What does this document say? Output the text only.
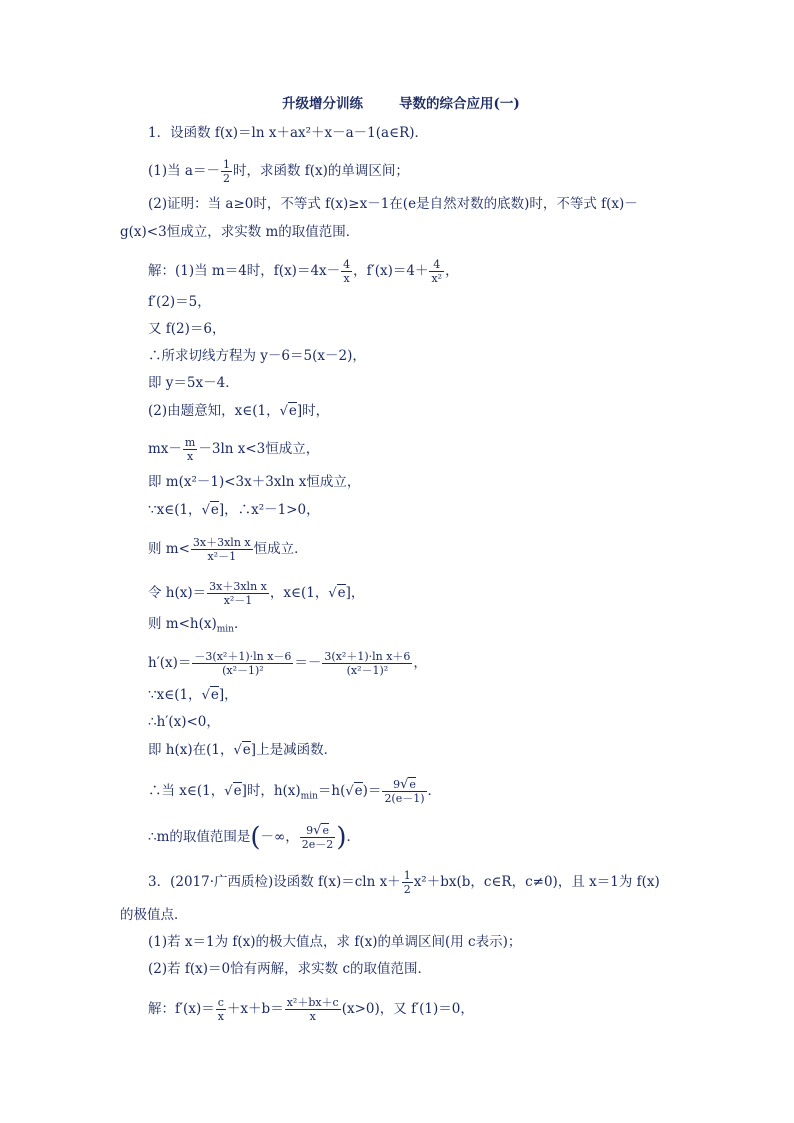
升级增分训练	导数的综合应用(一)
1．设函数 f(x)＝ln x＋ax²＋x－a－1(a∈R)．
(1)当 $a=- \frac{1}{2}$ 时，求函数 f(x)的单调区间；
(2)证明：当 a≥0时，不等式 f(x)≥x－1在(e是自然对数的底数)时，不等式 f(x)－
g(x)<3恒成立，求实数 m的取值范围．
解：(1)当 m＝4时，$f(x)=4x- \frac{4}{x}$ ，$f'(x)=4+ \frac{4}{\text{x²}}$ ，
f′(2)＝5，
又 f(2)＝6，
∴所求切线方程为 y－6＝5(x－2)，
即 y＝5x－4．
(2)由题意知，x∈(1，√e]时，
$mx- \frac{m}{x} -3\ln$ x<3恒成立，
即 m(x²－1)<3x＋3xln x恒成立，
∵x∈(1，√e]，∴x²－1>0，
则 $m< \frac{\text{3x＋3xln x}}{\text{x²－1}}$ 恒成立．
令 $h(x)= \frac{\text{3x＋3xln x}}{\text{x²－1}}$ ，x∈(1，√e]，
则 $m<h(x)_{min}$．
$h'(x)= \frac{\text{－3(x²＋1)·ln x－6}}{\text{(x²－1)²}} =- \frac{\text{3(x²＋1)·ln x＋6}}{\text{(x²－1)²}}$ ，
∵x∈(1，√e]，
∴h′(x)<0，
即 h(x)在(1，√e]上是减函数．
∴当 x∈(1，√e]时，$h(x)_{min}=h(√e)= \frac{9√e}{2(e-1)}$ ．
∴m的取值范围是(－∞， $\frac{9√e}{2e-2}$ )．
3．(2017·广西质检)设函数 f(x)＝cln $x+ \frac{1}{2} x^2+bx(b$，c∈R，c≠0)，且 x＝1为 f(x)
的极值点．
(1)若 x＝1为 f(x)的极大值点，求 f(x)的单调区间(用 c表示)；
(2)若 f(x)＝0恰有两解，求实数 c的取值范围．
解：$f'(x)= \frac{c}{x} +x+b= \frac{\text{x²＋bx＋c}}{x} (x>0)$，又 f′(1)＝0，
